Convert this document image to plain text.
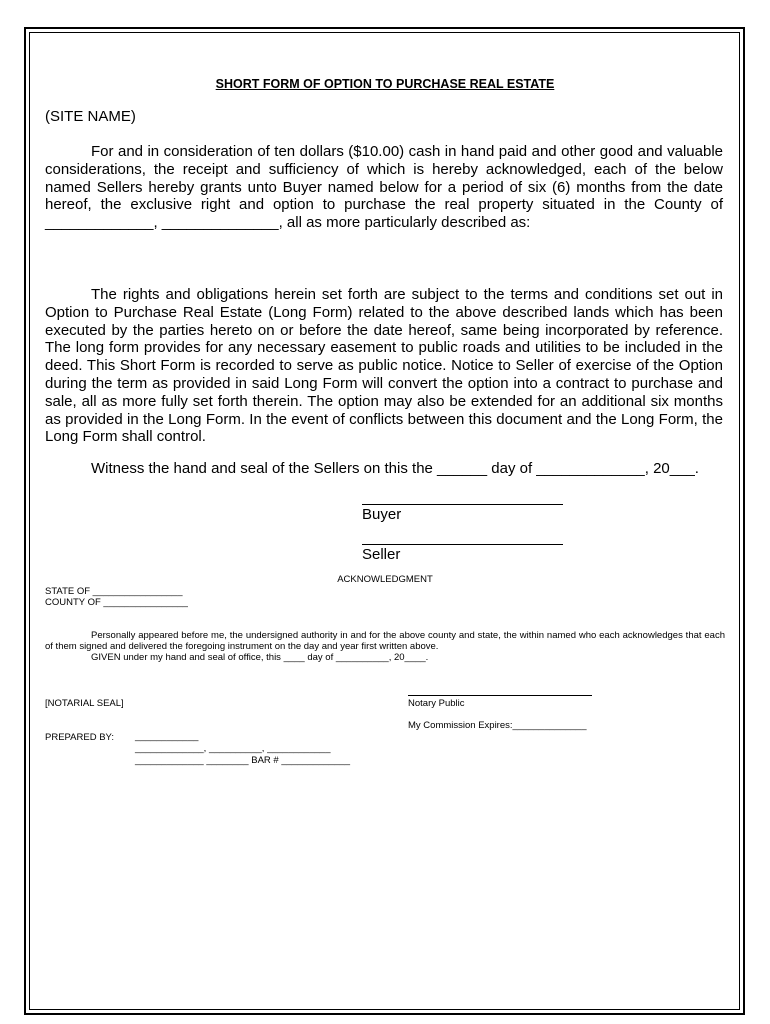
SHORT FORM OF OPTION TO PURCHASE REAL ESTATE
(SITE NAME)

For and in consideration of ten dollars ($10.00) cash in hand paid and other good and valuable considerations, the receipt and sufficiency of which is hereby acknowledged, each of the below named Sellers hereby grants unto Buyer named below for a period of six (6) months from the date hereof, the exclusive right and option to purchase the real property situated in the County of _____________, ______________, all as more particularly described as:

The rights and obligations herein set forth are subject to the terms and conditions set out in Option to Purchase Real Estate (Long Form) related to the above described lands which has been executed by the parties hereto on or before the date hereof, same being incorporated by reference. The long form provides for any necessary easement to public roads and utilities to be included in the deed. This Short Form is recorded to serve as public notice. Notice to Seller of exercise of the Option during the term as provided in said Long Form will convert the option into a contract to purchase and sale, all as more fully set forth therein. The option may also be extended for an additional six months as provided in the Long Form. In the event of conflicts between this document and the Long Form, the Long Form shall control.

Witness the hand and seal of the Sellers on this the ______ day of _____________, 20___.
Buyer
Seller
ACKNOWLEDGMENT
STATE OF _________________
COUNTY OF ________________

Personally appeared before me, the undersigned authority in and for the above county and state, the within named who each acknowledges that each of them signed and delivered the foregoing instrument on the day and year first written above.

GIVEN under my hand and seal of office, this ____ day of __________, 20____.
[NOTARIAL SEAL]	Notary Public
My Commission Expires:______________
PREPARED BY: ____________
_____________, __________, ____________
_____________ ________ BAR # _____________
